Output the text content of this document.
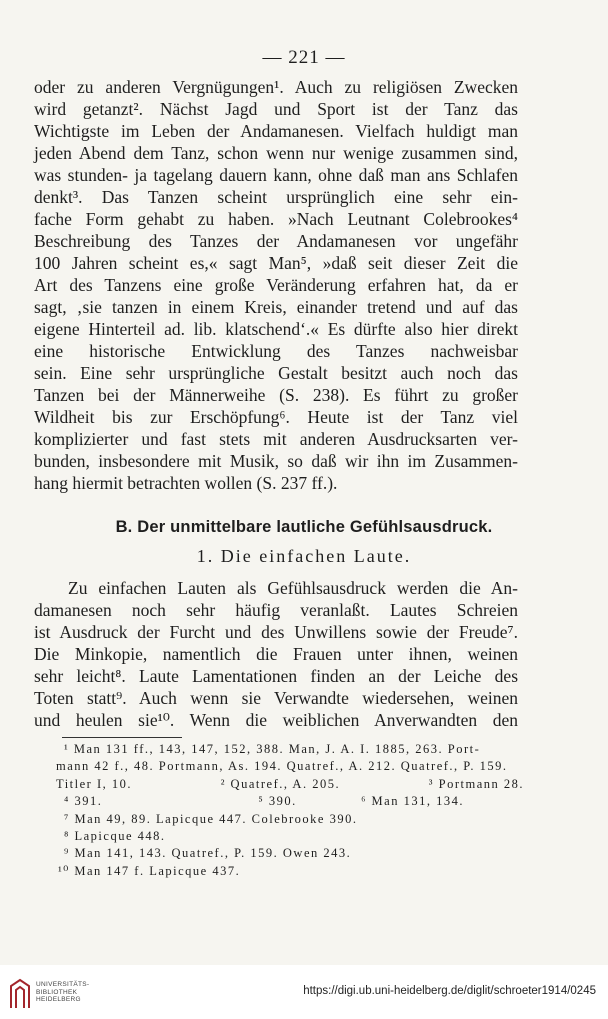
— 221 —
oder zu anderen Vergnügungen¹. Auch zu religiösen Zwecken
wird getanzt². Nächst Jagd und Sport ist der Tanz das
Wichtigste im Leben der Andamanesen. Vielfach huldigt man
jeden Abend dem Tanz, schon wenn nur wenige zusammen sind,
was stunden- ja tagelang dauern kann, ohne daß man ans Schlafen
denkt³. Das Tanzen scheint ursprünglich eine sehr ein-
fache Form gehabt zu haben. »Nach Leutnant Colebrookes⁴
Beschreibung des Tanzes der Andamanesen vor ungefähr
100 Jahren scheint es,« sagt Man⁵, »daß seit dieser Zeit die
Art des Tanzens eine große Veränderung erfahren hat, da er
sagt, ‚sie tanzen in einem Kreis, einander tretend und auf das
eigene Hinterteil ad. lib. klatschend‘.« Es dürfte also hier direkt
eine historische Entwicklung des Tanzes nachweisbar
sein. Eine sehr ursprüngliche Gestalt besitzt auch noch das
Tanzen bei der Männerweihe (S. 238). Es führt zu großer
Wildheit bis zur Erschöpfung⁶. Heute ist der Tanz viel
komplizierter und fast stets mit anderen Ausdrucksarten ver-
bunden, insbesondere mit Musik, so daß wir ihn im Zusammen-
hang hiermit betrachten wollen (S. 237 ff.).
B. Der unmittelbare lautliche Gefühlsausdruck.
1. Die einfachen Laute.
Zu einfachen Lauten als Gefühlsausdruck werden die An-
damanesen noch sehr häufig veranlaßt. Lautes Schreien
ist Ausdruck der Furcht und des Unwillens sowie der Freude⁷.
Die Minkopie, namentlich die Frauen unter ihnen, weinen
sehr leicht⁸. Laute Lamentationen finden an der Leiche des
Toten statt⁹. Auch wenn sie Verwandte wiedersehen, weinen
und heulen sie¹⁰. Wenn die weiblichen Anverwandten den
¹ Man 131 ff., 143, 147, 152, 388. Man, J. A. I. 1885, 263. Port-
mann 42 f., 48. Portmann, As. 194. Quatref., A. 212. Quatref., P. 159.
Titler I, 10.	² Quatref., A. 205.	³ Portmann 28.
⁴ 391.	⁵ 390.	⁶ Man 131, 134.
⁷ Man 49, 89. Lapicque 447. Colebrooke 390.
⁸ Lapicque 448.
⁹ Man 141, 143. Quatref., P. 159. Owen 243.
¹⁰ Man 147 f. Lapicque 437.
UNIVERSITÄTS-
BIBLIOTHEK
HEIDELBERG
https://digi.ub.uni-heidelberg.de/diglit/schroeter1914/0245
